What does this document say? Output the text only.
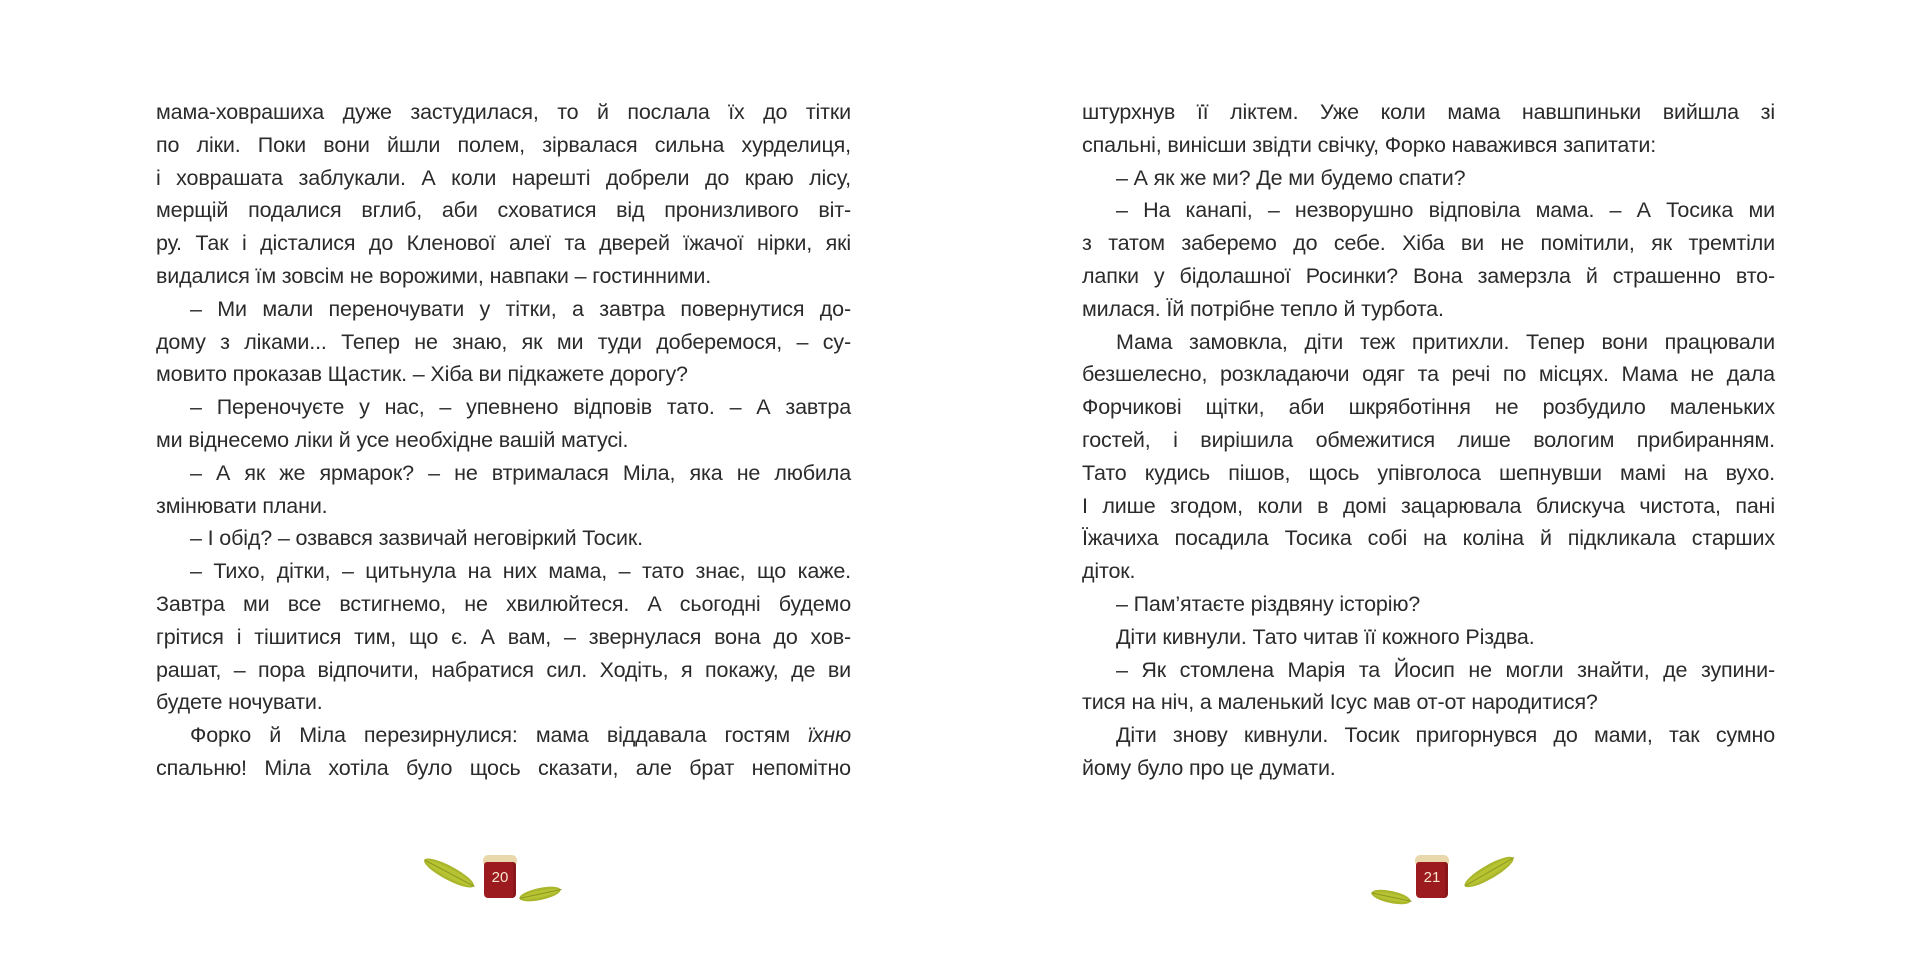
мама-ховрашиха дуже застудилася, то й послала їх до тітки
по ліки. Поки вони йшли полем, зірвалася сильна хурделиця,
і ховрашата заблукали. А коли нарешті добрели до краю лісу,
мерщій подалися вглиб, аби сховатися від пронизливого віт-
ру. Так і дісталися до Кленової алеї та дверей їжачої нірки, які
видалися їм зовсім не ворожими, навпаки – гостинними.
– Ми мали переночувати у тітки, а завтра повернутися до-
дому з ліками... Тепер не знаю, як ми туди доберемося, – су-
мовито проказав Щастик. – Хіба ви підкажете дорогу?
– Переночуєте у нас, – упевнено відповів тато. – А завтра
ми віднесемо ліки й усе необхідне вашій матусі.
– А як же ярмарок? – не втрималася Міла, яка не любила
змінювати плани.
– І обід? – озвався зазвичай неговіркий Тосик.
– Тихо, дітки, – цитьнула на них мама, – тато знає, що каже.
Завтра ми все встигнемо, не хвилюйтеся. А сьогодні будемо
грітися і тішитися тим, що є. А вам, – звернулася вона до хов-
рашат, – пора відпочити, набратися сил. Ходіть, я покажу, де ви
будете ночувати.
Форко й Міла перезирнулися: мама віддавала гостям їхню
спальню! Міла хотіла було щось сказати, але брат непомітно
20
штурхнув її ліктем. Уже коли мама навшпиньки вийшла зі
спальні, винісши звідти свічку, Форко наважився запитати:
– А як же ми? Де ми будемо спати?
– На канапі, – незворушно відповіла мама. – А Тосика ми
з татом заберемо до себе. Хіба ви не помітили, як тремтіли
лапки у бідолашної Росинки? Вона замерзла й страшенно вто-
милася. Їй потрібне тепло й турбота.
Мама замовкла, діти теж притихли. Тепер вони працювали
безшелесно, розкладаючи одяг та речі по місцях. Мама не дала
Форчикові щітки, аби шкряботіння не розбудило маленьких
гостей, і вирішила обмежитися лише вологим прибиранням.
Тато кудись пішов, щось упівголоса шепнувши мамі на вухо.
І лише згодом, коли в домі зацарювала блискуча чистота, пані
Їжачиха посадила Тосика собі на коліна й підкликала старших
діток.
– Пам’ятаєте різдвяну історію?
Діти кивнули. Тато читав її кожного Різдва.
– Як стомлена Марія та Йосип не могли знайти, де зупини-
тися на ніч, а маленький Ісус мав от-от народитися?
Діти знову кивнули. Тосик пригорнувся до мами, так сумно
йому було про це думати.
21
